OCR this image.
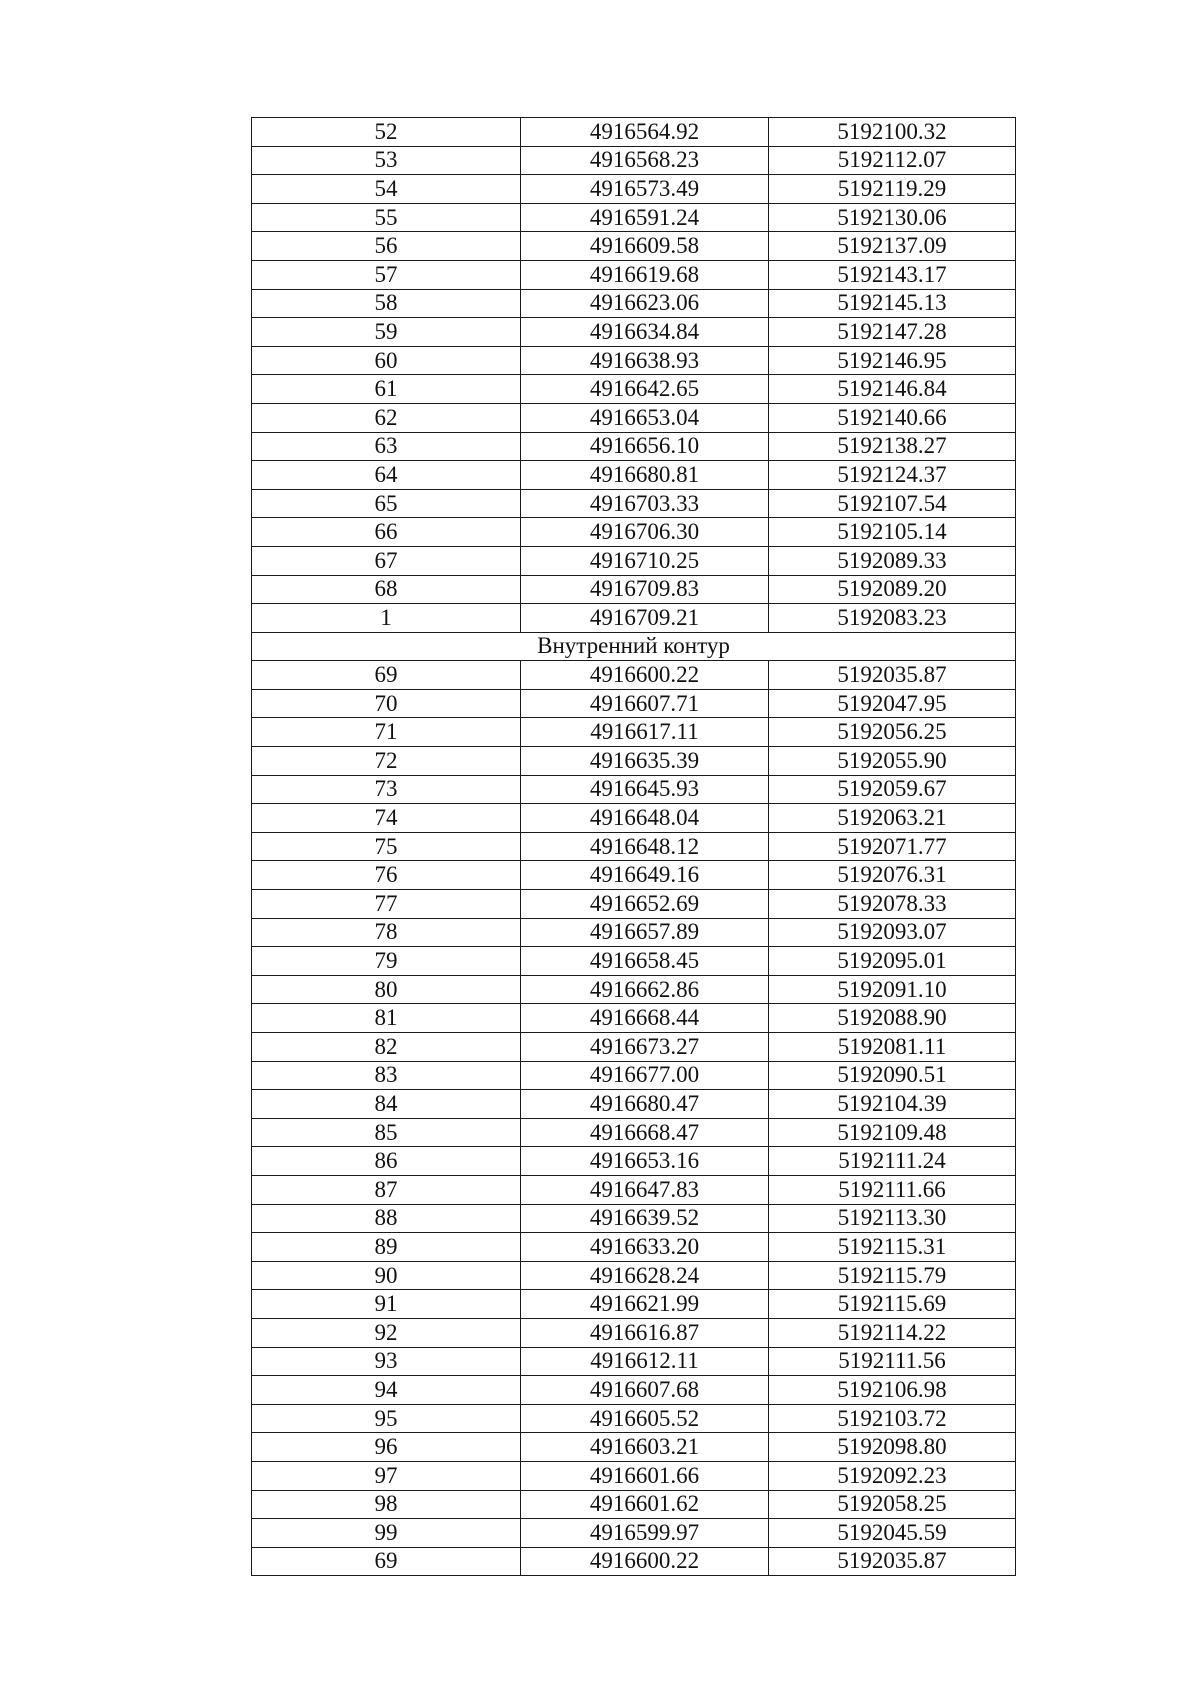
52	4916564.92	5192100.32
53	4916568.23	5192112.07
54	4916573.49	5192119.29
55	4916591.24	5192130.06
56	4916609.58	5192137.09
57	4916619.68	5192143.17
58	4916623.06	5192145.13
59	4916634.84	5192147.28
60	4916638.93	5192146.95
61	4916642.65	5192146.84
62	4916653.04	5192140.66
63	4916656.10	5192138.27
64	4916680.81	5192124.37
65	4916703.33	5192107.54
66	4916706.30	5192105.14
67	4916710.25	5192089.33
68	4916709.83	5192089.20
1	4916709.21	5192083.23
Внутренний контур		
69	4916600.22	5192035.87
70	4916607.71	5192047.95
71	4916617.11	5192056.25
72	4916635.39	5192055.90
73	4916645.93	5192059.67
74	4916648.04	5192063.21
75	4916648.12	5192071.77
76	4916649.16	5192076.31
77	4916652.69	5192078.33
78	4916657.89	5192093.07
79	4916658.45	5192095.01
80	4916662.86	5192091.10
81	4916668.44	5192088.90
82	4916673.27	5192081.11
83	4916677.00	5192090.51
84	4916680.47	5192104.39
85	4916668.47	5192109.48
86	4916653.16	5192111.24
87	4916647.83	5192111.66
88	4916639.52	5192113.30
89	4916633.20	5192115.31
90	4916628.24	5192115.79
91	4916621.99	5192115.69
92	4916616.87	5192114.22
93	4916612.11	5192111.56
94	4916607.68	5192106.98
95	4916605.52	5192103.72
96	4916603.21	5192098.80
97	4916601.66	5192092.23
98	4916601.62	5192058.25
99	4916599.97	5192045.59
69	4916600.22	5192035.87
